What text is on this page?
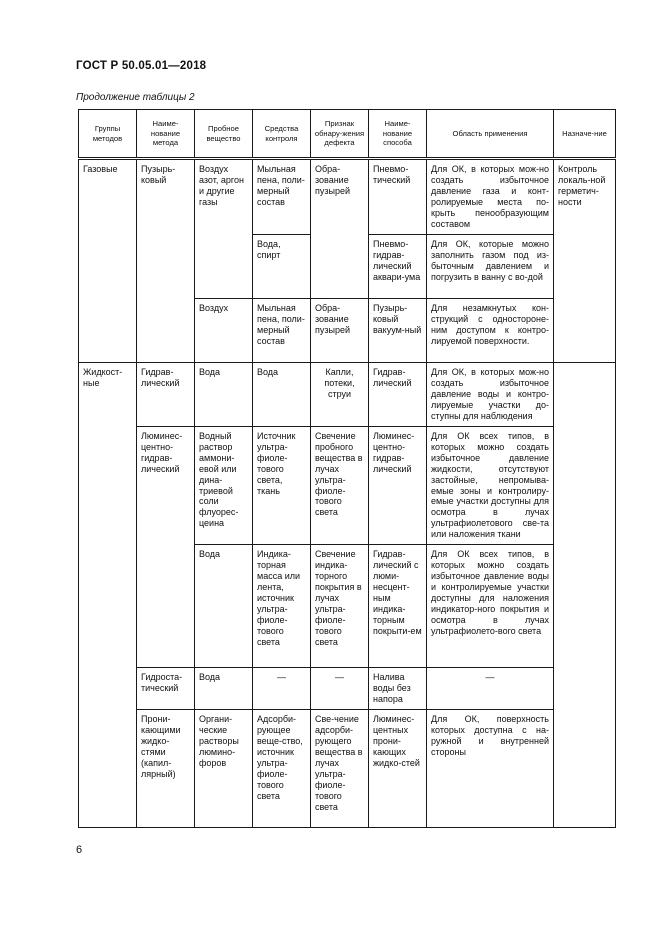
ГОСТ Р 50.05.01—2018
Продолжение таблицы 2
Группы методов	Наиме-нование метода	Пробное вещество	Средства контроля	Признак обнару-жения дефекта	Наиме-нование способа	Область применения	Назначе-ние
Газовые	Пузырь-ковый	Воздух азот, аргон и другие газы	Мыльная пена, поли-мерный состав	Обра-зование пузырей	Пневмо-тический	Для ОК, в которых мож-но создать избыточное давление газа и конт-ролируемые места по-крыть пенообразующим составом	Контроль локаль-ной герметич-ности
			Вода, спирт		Пневмо-гидрав-лический аквари-ума	Для ОК, которые можно заполнить газом под из-быточным давлением и погрузить в ванну с во-дой	
		Воздух	Мыльная пена, поли-мерный состав	Обра-зование пузырей	Пузырь-ковый вакуум-ный	Для незамкнутых кон-струкций с одностороне-ним доступом к контро-лируемой поверхности.	
Жидкост-ные	Гидрав-лический	Вода	Вода	Капли, потеки, струи	Гидрав-лический	Для ОК, в которых мож-но создать избыточное давление воды и контро-лируемые участки до-ступны для наблюдения	
	Люминес-центно-гидрав-лический	Водный раствор аммони-евой или дина-триевой соли флуорес-цеина	Источник ультра-фиоле-тового света, ткань	Свечение пробного вещества в лучах ультра-фиоле-тового света	Люминес-центно-гидрав-лический	Для ОК всех типов, в которых можно создать избыточное давление жидкости, отсутствуют застойные, непромыва-емые зоны и контролиру-емые участки доступны для осмотра в лучах ультрафиолетового све-та или наложения ткани	
		Вода	Индика-торная масса или лента, источник ультра-фиоле-тового света	Свечение индика-торного покрытия в лучах ультра-фиоле-тового света	Гидрав-лический с люми-несцент-ным индика-торным покрыти-ем	Для ОК всех типов, в которых можно создать избыточное давление воды и контролируемые участки доступны для наложения индикатор-ного покрытия и осмотра в лучах ультрафиолето-вого света	
	Гидроста-тический	Вода	—	—	Налива воды без напора	—	
	Прони-кающими жидко-стями (капил-лярный)	Органи-ческие растворы люмино-форов	Адсорби-рующее веще-ство, источник ультра-фиоле-тового света	Све-чение адсорби-рующего вещества в лучах ультра-фиоле-тового света	Люминес-центных прони-кающих жидко-стей	Для ОК, поверхность которых доступна с на-ружной и внутренней стороны	
6
